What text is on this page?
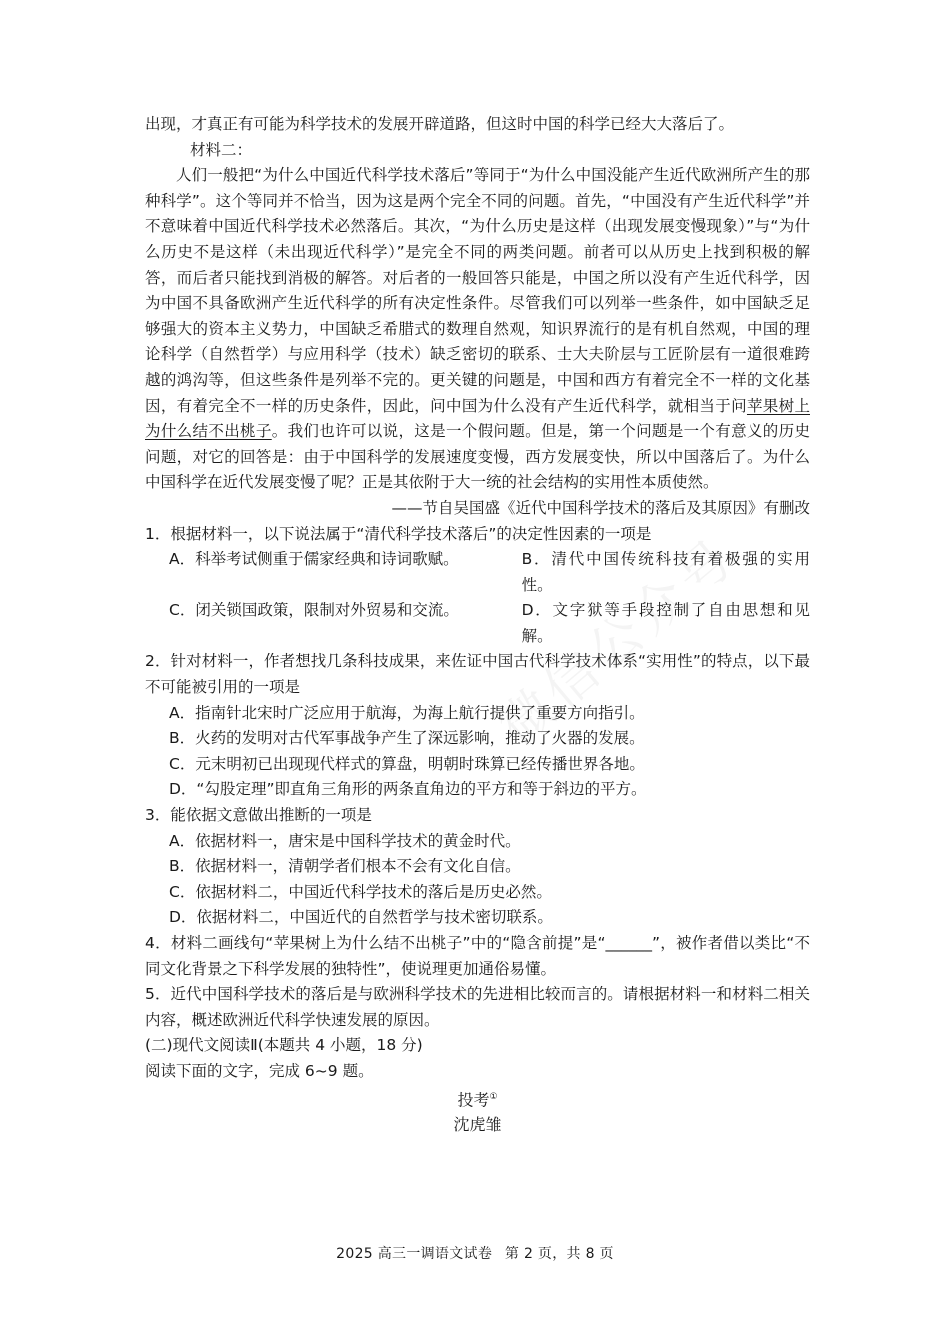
出现，才真正有可能为科学技术的发展开辟道路，但这时中国的科学已经大大落后了。

材料二：

人们一般把“为什么中国近代科学技术落后”等同于“为什么中国没能产生近代欧洲所产生的那种科学”。这个等同并不恰当，因为这是两个完全不同的问题。首先，“中国没有产生近代科学”并不意味着中国近代科学技术必然落后。其次，“为什么历史是这样（出现发展变慢现象）”与“为什么历史不是这样（未出现近代科学）”是完全不同的两类问题。前者可以从历史上找到积极的解答，而后者只能找到消极的解答。对后者的一般回答只能是，中国之所以没有产生近代科学，因为中国不具备欧洲产生近代科学的所有决定性条件。尽管我们可以列举一些条件，如中国缺乏足够强大的资本主义势力，中国缺乏希腊式的数理自然观，知识界流行的是有机自然观，中国的理论科学（自然哲学）与应用科学（技术）缺乏密切的联系、士大夫阶层与工匠阶层有一道很难跨越的鸿沟等，但这些条件是列举不完的。更关键的问题是，中国和西方有着完全不一样的文化基因，有着完全不一样的历史条件，因此，问中国为什么没有产生近代科学，就相当于问苹果树上为什么结不出桃子。我们也许可以说，这是一个假问题。但是，第一个问题是一个有意义的历史问题，对它的回答是：由于中国科学的发展速度变慢，西方发展变快，所以中国落后了。为什么中国科学在近代发展变慢了呢？正是其依附于大一统的社会结构的实用性本质使然。

——节自吴国盛《近代中国科学技术的落后及其原因》有删改

1．根据材料一，以下说法属于“清代科学技术落后”的决定性因素的一项是

A．科举考试侧重于儒家经典和诗词歌赋。	B．清代中国传统科技有着极强的实用性。
C．闭关锁国政策，限制对外贸易和交流。	D．文字狱等手段控制了自由思想和见解。

2．针对材料一，作者想找几条科技成果，来佐证中国古代科学技术体系“实用性”的特点，以下最不可能被引用的一项是

A．指南针北宋时广泛应用于航海，为海上航行提供了重要方向指引。
B．火药的发明对古代军事战争产生了深远影响，推动了火器的发展。
C．元末明初已出现现代样式的算盘，明朝时珠算已经传播世界各地。
D．“勾股定理”即直角三角形的两条直角边的平方和等于斜边的平方。

3．能依据文意做出推断的一项是

A．依据材料一，唐宋是中国科学技术的黄金时代。
B．依据材料一，清朝学者们根本不会有文化自信。
C．依据材料二，中国近代科学技术的落后是历史必然。
D．依据材料二，中国近代的自然哲学与技术密切联系。

4．材料二画线句“苹果树上为什么结不出桃子”中的“隐含前提”是“______”，被作者借以类比“不同文化背景之下科学发展的独特性”，使说理更加通俗易懂。

5．近代中国科学技术的落后是与欧洲科学技术的先进相比较而言的。请根据材料一和材料二相关内容，概述欧洲近代科学快速发展的原因。

(二)现代文阅读Ⅱ(本题共 4 小题，18 分)

阅读下面的文字，完成 6~9 题。

投考①

沈虎雏

2025 高三一调语文试卷 第 2 页，共 8 页
